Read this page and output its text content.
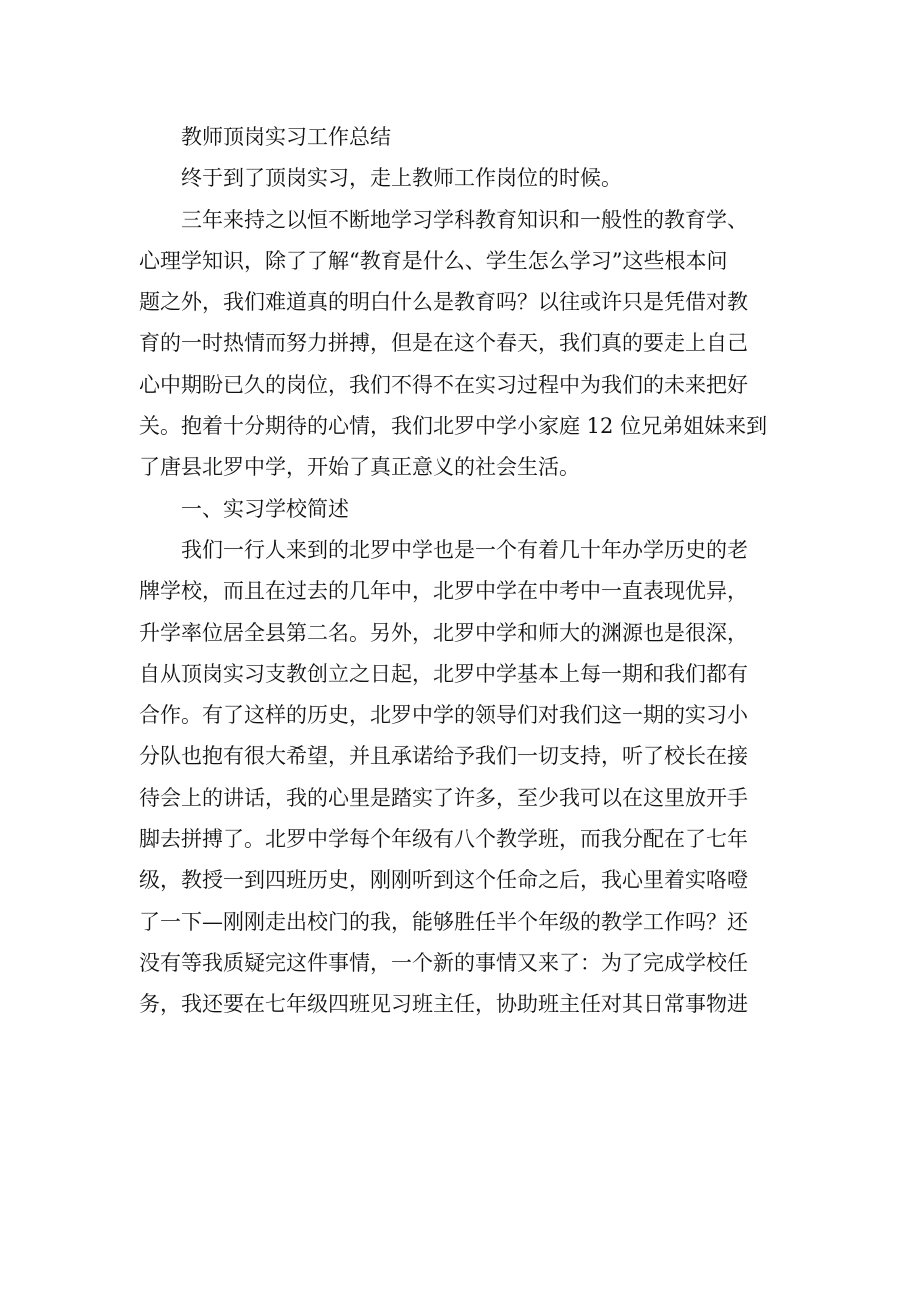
教师顶岗实习工作总结
终于到了顶岗实习，走上教师工作岗位的时候。
三年来持之以恒不断地学习学科教育知识和一般性的教育学、
心理学知识，除了了解“教育是什么、学生怎么学习”这些根本问
题之外，我们难道真的明白什么是教育吗？以往或许只是凭借对教
育的一时热情而努力拼搏，但是在这个春天，我们真的要走上自己
心中期盼已久的岗位，我们不得不在实习过程中为我们的未来把好
关。抱着十分期待的心情，我们北罗中学小家庭 12 位兄弟姐妹来到
了唐县北罗中学，开始了真正意义的社会生活。
一、实习学校简述
我们一行人来到的北罗中学也是一个有着几十年办学历史的老
牌学校，而且在过去的几年中，北罗中学在中考中一直表现优异，
升学率位居全县第二名。另外，北罗中学和师大的渊源也是很深，
自从顶岗实习支教创立之日起，北罗中学基本上每一期和我们都有
合作。有了这样的历史，北罗中学的领导们对我们这一期的实习小
分队也抱有很大希望，并且承诺给予我们一切支持，听了校长在接
待会上的讲话，我的心里是踏实了许多，至少我可以在这里放开手
脚去拼搏了。北罗中学每个年级有八个教学班，而我分配在了七年
级，教授一到四班历史，刚刚听到这个任命之后，我心里着实咯噔
了一下—刚刚走出校门的我，能够胜任半个年级的教学工作吗？还
没有等我质疑完这件事情，一个新的事情又来了：为了完成学校任
务，我还要在七年级四班见习班主任，协助班主任对其日常事物进
